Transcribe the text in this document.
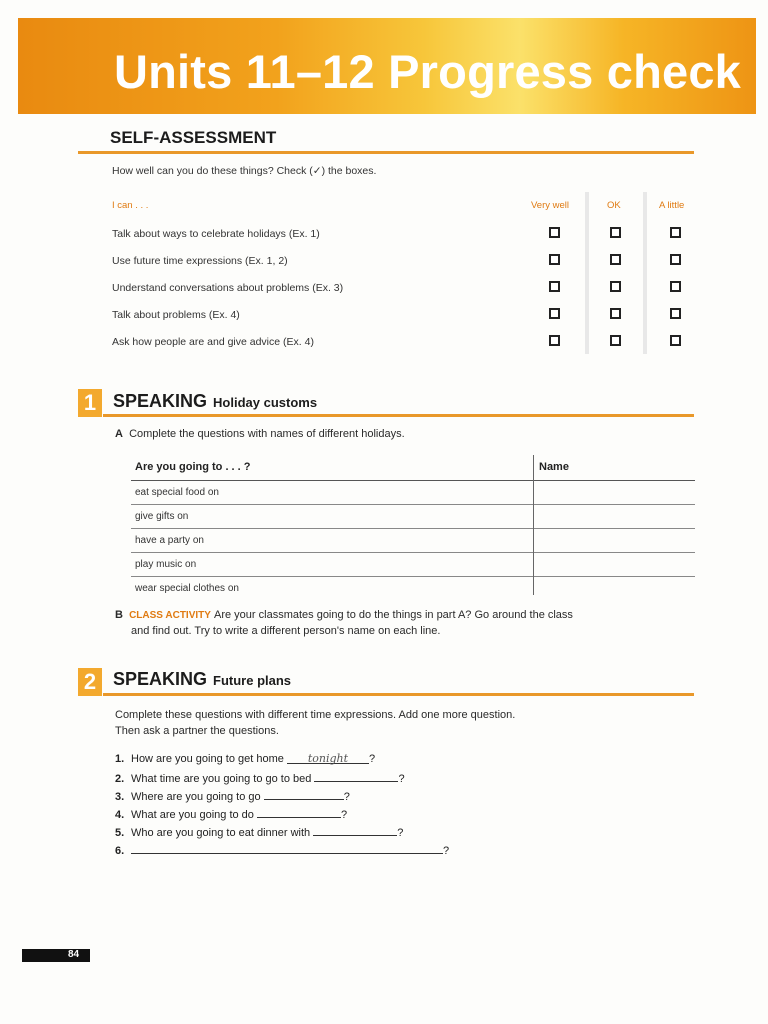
Units 11–12 Progress check
SELF-ASSESSMENT
How well can you do these things? Check (✓) the boxes.
I can . . .	Very well	OK	A little
Talk about ways to celebrate holidays (Ex. 1)
Use future time expressions (Ex. 1, 2)
Understand conversations about problems (Ex. 3)
Talk about problems (Ex. 4)
Ask how people are and give advice (Ex. 4)
1 SPEAKING Holiday customs
A Complete the questions with names of different holidays.
Are you going to . . . ?	Name
eat special food on
give gifts on
have a party on
play music on
wear special clothes on
B CLASS ACTIVITY Are your classmates going to do the things in part A? Go around the class
and find out. Try to write a different person's name on each line.
2 SPEAKING Future plans
Complete these questions with different time expressions. Add one more question.
Then ask a partner the questions.
1. How are you going to get home tonight ?
2. What time are you going to go to bed	?
3. Where are you going to go	?
4. What are you going to do	?
5. Who are you going to eat dinner with	?
6.	?
84
